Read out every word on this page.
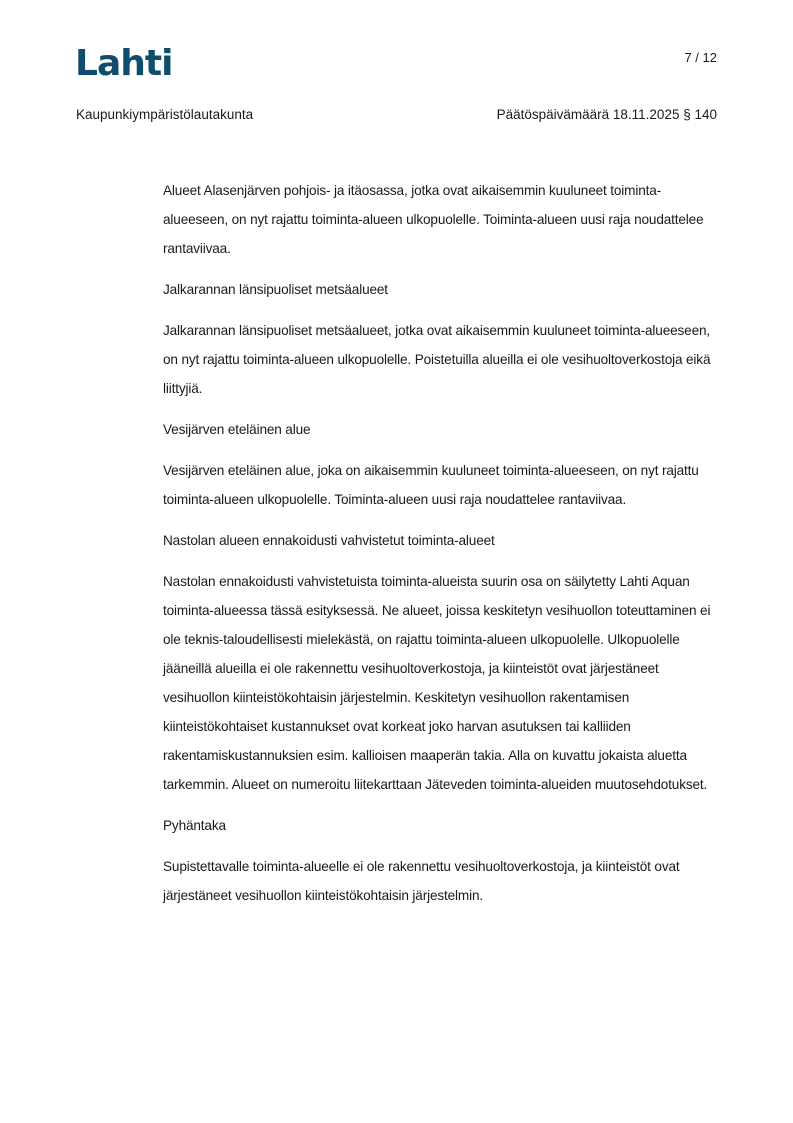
Lahti	7 / 12
Kaupunkiympäristölautakunta	Päätöspäivämäärä 18.11.2025 § 140

Alueet Alasenjärven pohjois- ja itäosassa, jotka ovat aikaisemmin kuuluneet toiminta-alueeseen, on nyt rajattu toiminta-alueen ulkopuolelle. Toiminta-alueen uusi raja noudattelee rantaviivaa.

Jalkarannan länsipuoliset metsäalueet

Jalkarannan länsipuoliset metsäalueet, jotka ovat aikaisemmin kuuluneet toiminta-alueeseen, on nyt rajattu toiminta-alueen ulkopuolelle. Poistetuilla alueilla ei ole vesihuoltoverkostoja eikä liittyjiä.

Vesijärven eteläinen alue

Vesijärven eteläinen alue, joka on aikaisemmin kuuluneet toiminta-alueeseen, on nyt rajattu toiminta-alueen ulkopuolelle. Toiminta-alueen uusi raja noudattelee rantaviivaa.

Nastolan alueen ennakoidusti vahvistetut toiminta-alueet

Nastolan ennakoidusti vahvistetuista toiminta-alueista suurin osa on säilytetty Lahti Aquan toiminta-alueessa tässä esityksessä. Ne alueet, joissa keskitetyn vesihuollon toteuttaminen ei ole teknis-taloudellisesti mielekästä, on rajattu toiminta-alueen ulkopuolelle. Ulkopuolelle jääneillä alueilla ei ole rakennettu vesihuoltoverkostoja, ja kiinteistöt ovat järjestäneet vesihuollon kiinteistökohtaisin järjestelmin. Keskitetyn vesihuollon rakentamisen kiinteistökohtaiset kustannukset ovat korkeat joko harvan asutuksen tai kalliiden rakentamiskustannuksien esim. kallioisen maaperän takia. Alla on kuvattu jokaista aluetta tarkemmin. Alueet on numeroitu liitekarttaan Jäteveden toiminta-alueiden muutosehdotukset.

Pyhäntaka

Supistettavalle toiminta-alueelle ei ole rakennettu vesihuoltoverkostoja, ja kiinteistöt ovat järjestäneet vesihuollon kiinteistökohtaisin järjestelmin.
